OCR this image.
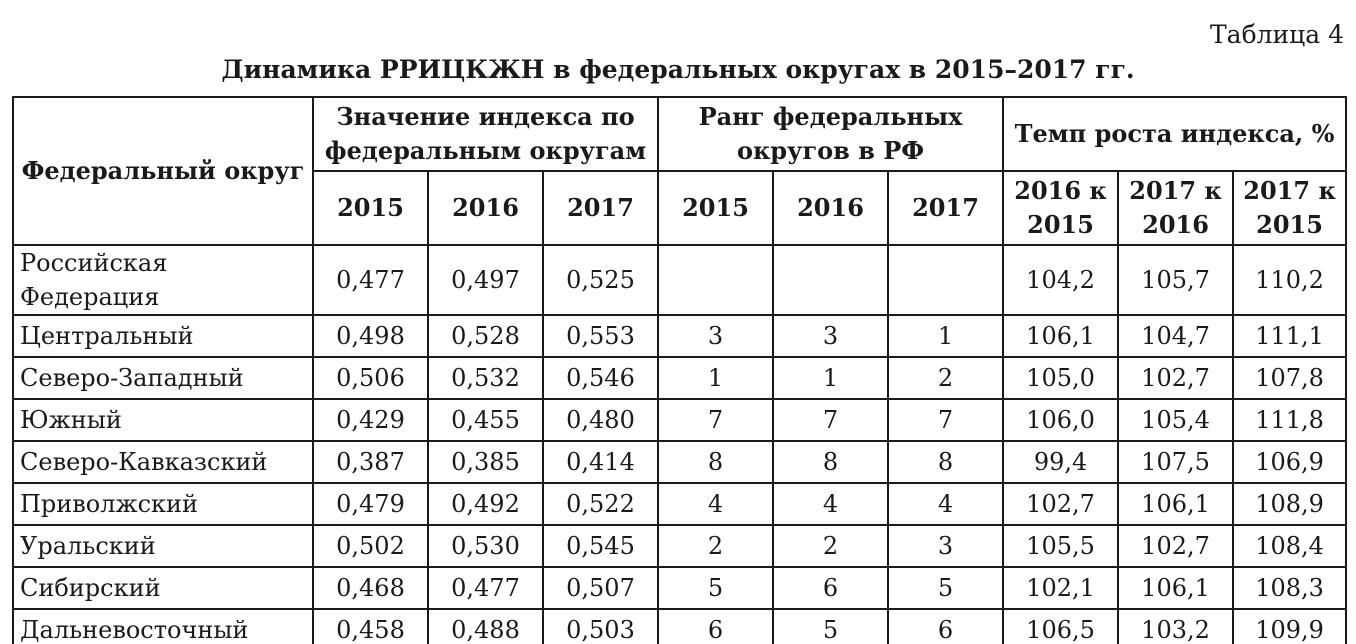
Таблица 4
Динамика РРИЦКЖН в федеральных округах в 2015–2017 гг.
Федеральный округ	Значение индекса по федеральным округам			Ранг федеральных округов в РФ			Темп роста индекса, %		
	2015	2016	2017	2015	2016	2017	2016 к 2015	2017 к 2016	2017 к 2015
Российская Федерация	0,477	0,497	0,525				104,2	105,7	110,2
Центральный	0,498	0,528	0,553	3	3	1	106,1	104,7	111,1
Северо-Западный	0,506	0,532	0,546	1	1	2	105,0	102,7	107,8
Южный	0,429	0,455	0,480	7	7	7	106,0	105,4	111,8
Северо-Кавказский	0,387	0,385	0,414	8	8	8	99,4	107,5	106,9
Приволжский	0,479	0,492	0,522	4	4	4	102,7	106,1	108,9
Уральский	0,502	0,530	0,545	2	2	3	105,5	102,7	108,4
Сибирский	0,468	0,477	0,507	5	6	5	102,1	106,1	108,3
Дальневосточный	0,458	0,488	0,503	6	5	6	106,5	103,2	109,9
